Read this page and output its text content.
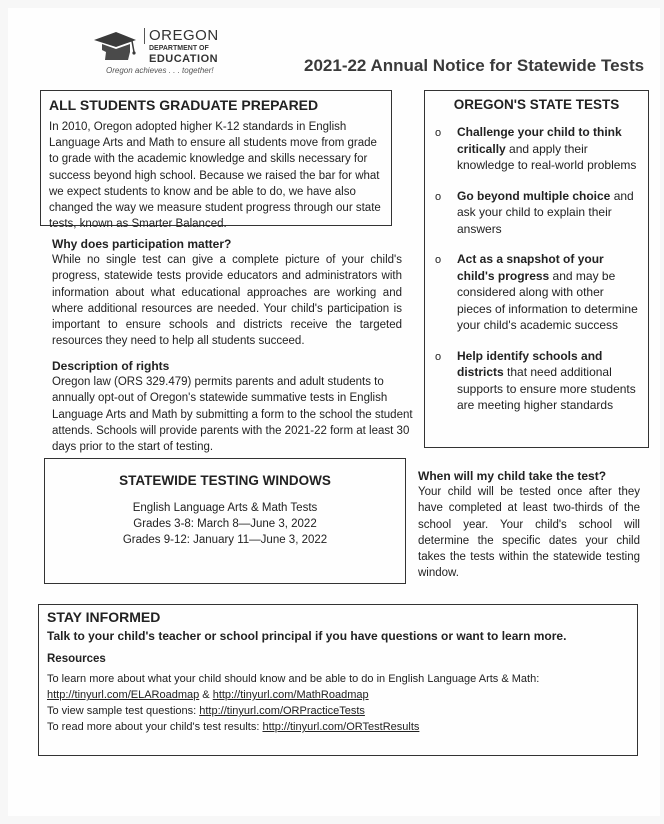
OREGON
DEPARTMENT OF
EDUCATION
Oregon achieves . . . together!	2021-22 Annual Notice for Statewide Tests
ALL STUDENTS GRADUATE PREPARED

In 2010, Oregon adopted higher K-12 standards in English Language Arts and Math to ensure all students move from grade to grade with the academic knowledge and skills necessary for success beyond high school. Because we raised the bar for what we expect students to know and be able to do, we have also changed the way we measure student progress through our state tests, known as Smarter Balanced.

Why does participation matter?

While no single test can give a complete picture of your child's progress, statewide tests provide educators and administrators with information about what educational approaches are working and where additional resources are needed. Your child's participation is important to ensure schools and districts receive the targeted resources they need to help all students succeed.

Description of rights

Oregon law (ORS 329.479) permits parents and adult students to annually opt-out of Oregon's statewide summative tests in English Language Arts and Math by submitting a form to the school the student attends. Schools will provide parents with the 2021-22 form at least 30 days prior to the start of testing.

OREGON'S STATE TESTS
o Challenge your child to think critically and apply their knowledge to real-world problems
o Go beyond multiple choice and ask your child to explain their answers
o Act as a snapshot of your child's progress and may be considered along with other pieces of information to determine your child's academic success
o Help identify schools and districts that need additional supports to ensure more students are meeting higher standards
STATEWIDE TESTING WINDOWS
English Language Arts & Math Tests
Grades 3-8: March 8—June 3, 2022
Grades 9-12: January 11—June 3, 2022
When will my child take the test?

Your child will be tested once after they have completed at least two-thirds of the school year. Your child's school will determine the specific dates your child takes the tests within the statewide testing window.

STAY INFORMED
Talk to your child's teacher or school principal if you have questions or want to learn more.
Resources
To learn more about what your child should know and be able to do in English Language Arts & Math:
http://tinyurl.com/ELARoadmap & http://tinyurl.com/MathRoadmap
To view sample test questions: http://tinyurl.com/ORPracticeTests
To read more about your child's test results: http://tinyurl.com/ORTestResults
